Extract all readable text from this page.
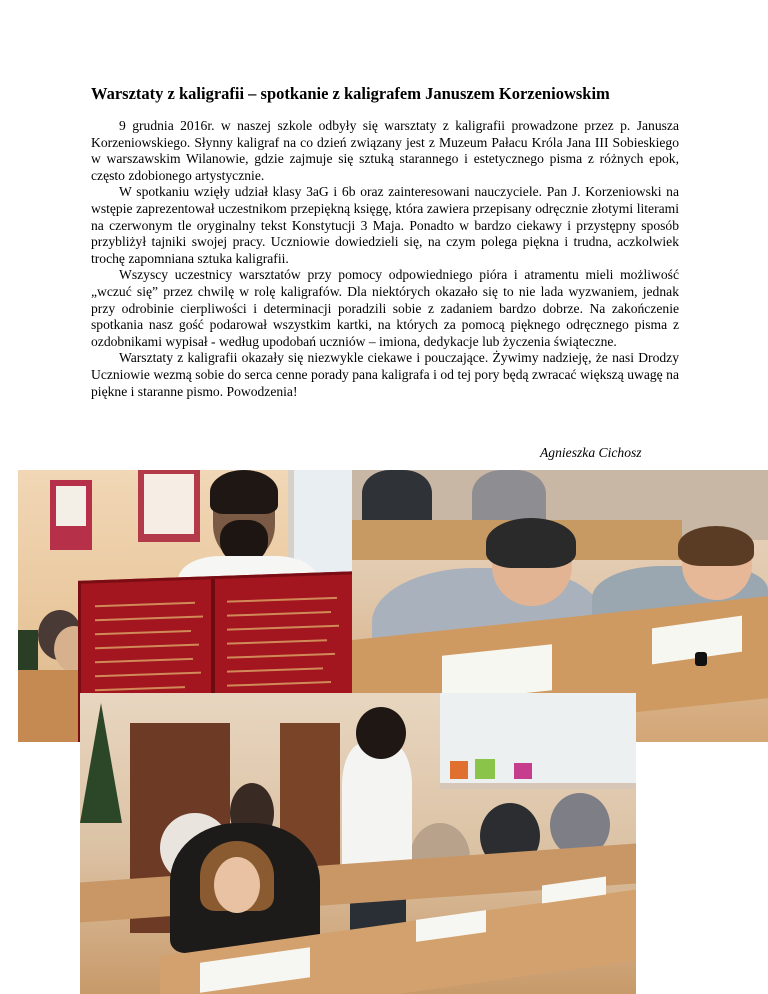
Warsztaty z kaligrafii – spotkanie z kaligrafem Januszem Korzeniowskim

9 grudnia 2016r. w naszej szkole odbyły się warsztaty z kaligrafii prowadzone przez p. Janusza Korzeniowskiego. Słynny kaligraf na co dzień związany jest z Muzeum Pałacu Króla Jana III Sobieskiego w warszawskim Wilanowie, gdzie zajmuje się sztuką starannego i estetycznego pisma z różnych epok, często zdobionego artystycznie.

W spotkaniu wzięły udział klasy 3aG i 6b oraz zainteresowani nauczyciele. Pan J. Korzeniowski na wstępie zaprezentował uczestnikom przepiękną księgę, która zawiera przepisany odręcznie złotymi literami na czerwonym tle oryginalny tekst Konstytucji 3 Maja. Ponadto w bardzo ciekawy i przystępny sposób przybliżył tajniki swojej pracy. Uczniowie dowiedzieli się, na czym polega piękna i trudna, aczkolwiek trochę zapomniana sztuka kaligrafii.

Wszyscy uczestnicy warsztatów przy pomocy odpowiedniego pióra i atramentu mieli możliwość „wczuć się” przez chwilę w rolę kaligrafów. Dla niektórych okazało się to nie lada wyzwaniem, jednak przy odrobinie cierpliwości i determinacji poradzili sobie z zadaniem bardzo dobrze. Na zakończenie spotkania nasz gość podarował wszystkim kartki, na których za pomocą pięknego odręcznego pisma z ozdobnikami wypisał - według upodobań uczniów – imiona, dedykacje lub życzenia świąteczne.

Warsztaty z kaligrafii okazały się niezwykle ciekawe i pouczające. Żywimy nadzieję, że nasi Drodzy Uczniowie wezmą sobie do serca cenne porady pana kaligrafa i od tej pory będą zwracać większą uwagę na piękne i staranne pismo. Powodzenia!

Agnieszka Cichosz
